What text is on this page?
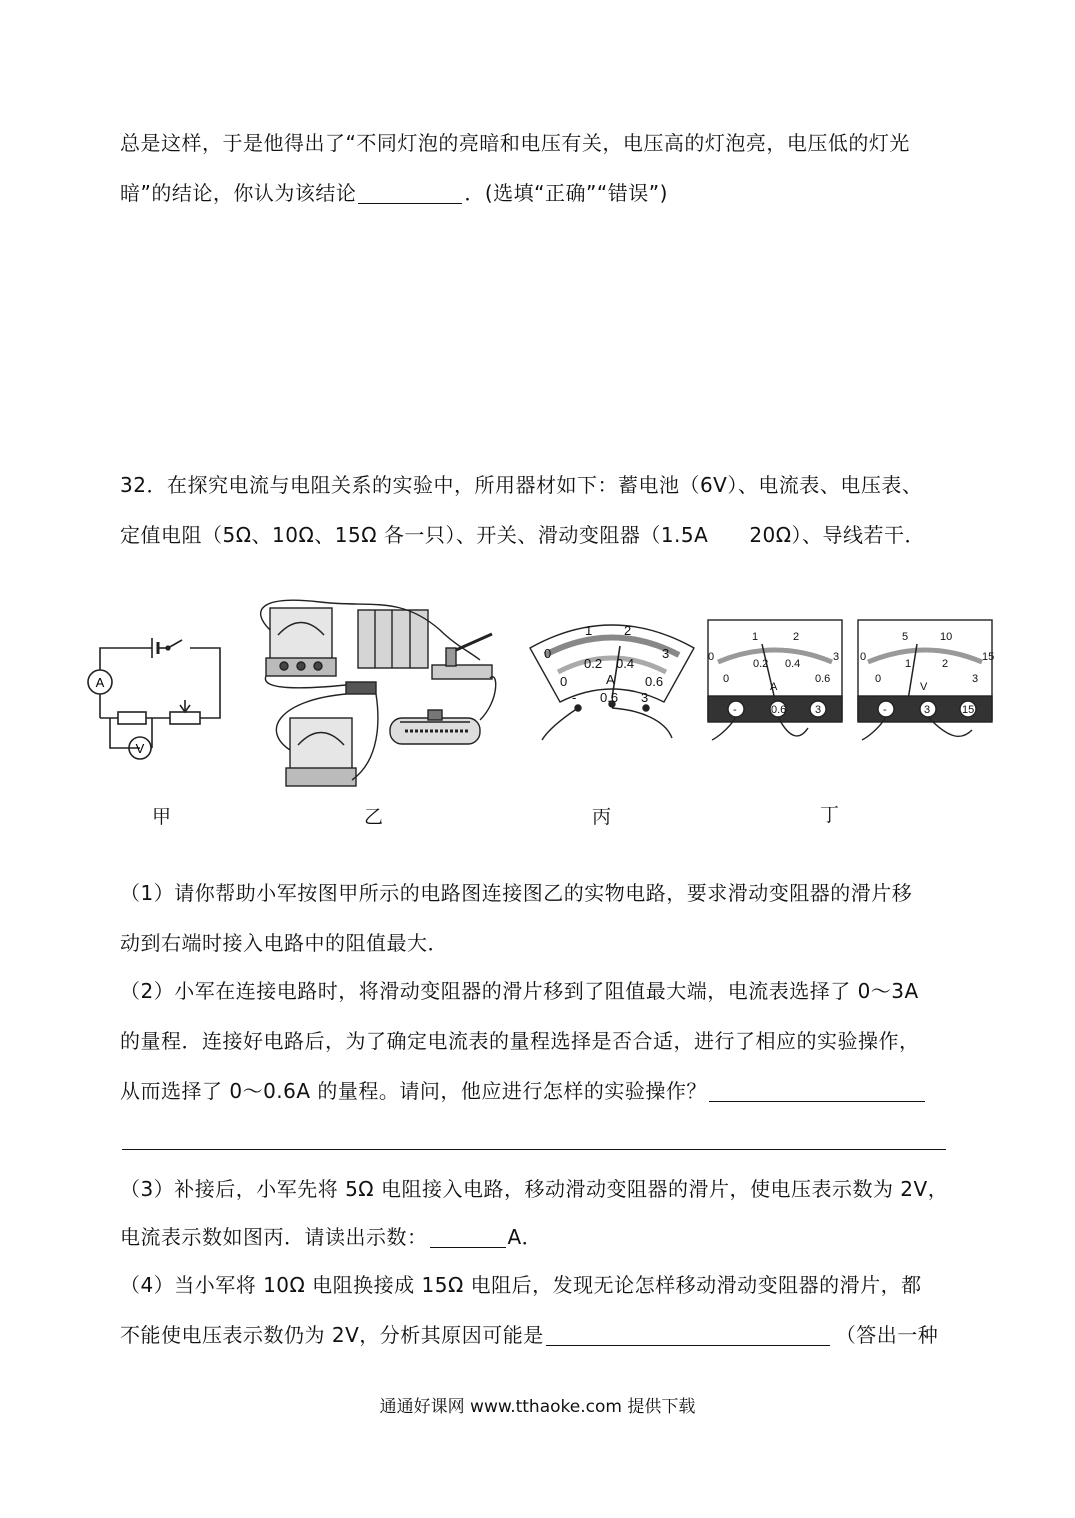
总是这样，于是他得出了“不同灯泡的亮暗和电压有关，电压高的灯泡亮，电压低的灯光
暗”的结论，你认为该结论	．(选填“正确”“错误”)
32．在探究电流与电阻关系的实验中，所用器材如下：蓄电池（6V）、电流表、电压表、
定值电阻（5Ω、10Ω、15Ω 各一只）、开关、滑动变阻器（1.5A　　20Ω）、导线若干．
A
V
0
1 2
3
0
0.2 0.4
0.6
A
- 0.6 3
0
1	2
3
0
0.2 0.4
0.6
A
-	0.6	3
0
5	10
15
0
1	2
3
V
-	3	15
甲	乙	丙	丁
（1）请你帮助小军按图甲所示的电路图连接图乙的实物电路，要求滑动变阻器的滑片移
动到右端时接入电路中的阻值最大．
（2）小军在连接电路时，将滑动变阻器的滑片移到了阻值最大端，电流表选择了 0～3A
的量程．连接好电路后，为了确定电流表的量程选择是否合适，进行了相应的实验操作，
从而选择了 0～0.6A 的量程。请问，他应进行怎样的实验操作？
（3）补接后，小军先将 5Ω 电阻接入电路，移动滑动变阻器的滑片，使电压表示数为 2V，
电流表示数如图丙．请读出示数：	A．
（4）当小军将 10Ω 电阻换接成 15Ω 电阻后，发现无论怎样移动滑动变阻器的滑片，都
不能使电压表示数仍为 2V，分析其原因可能是	（答出一种
通通好课网 www.tthaoke.com 提供下载
